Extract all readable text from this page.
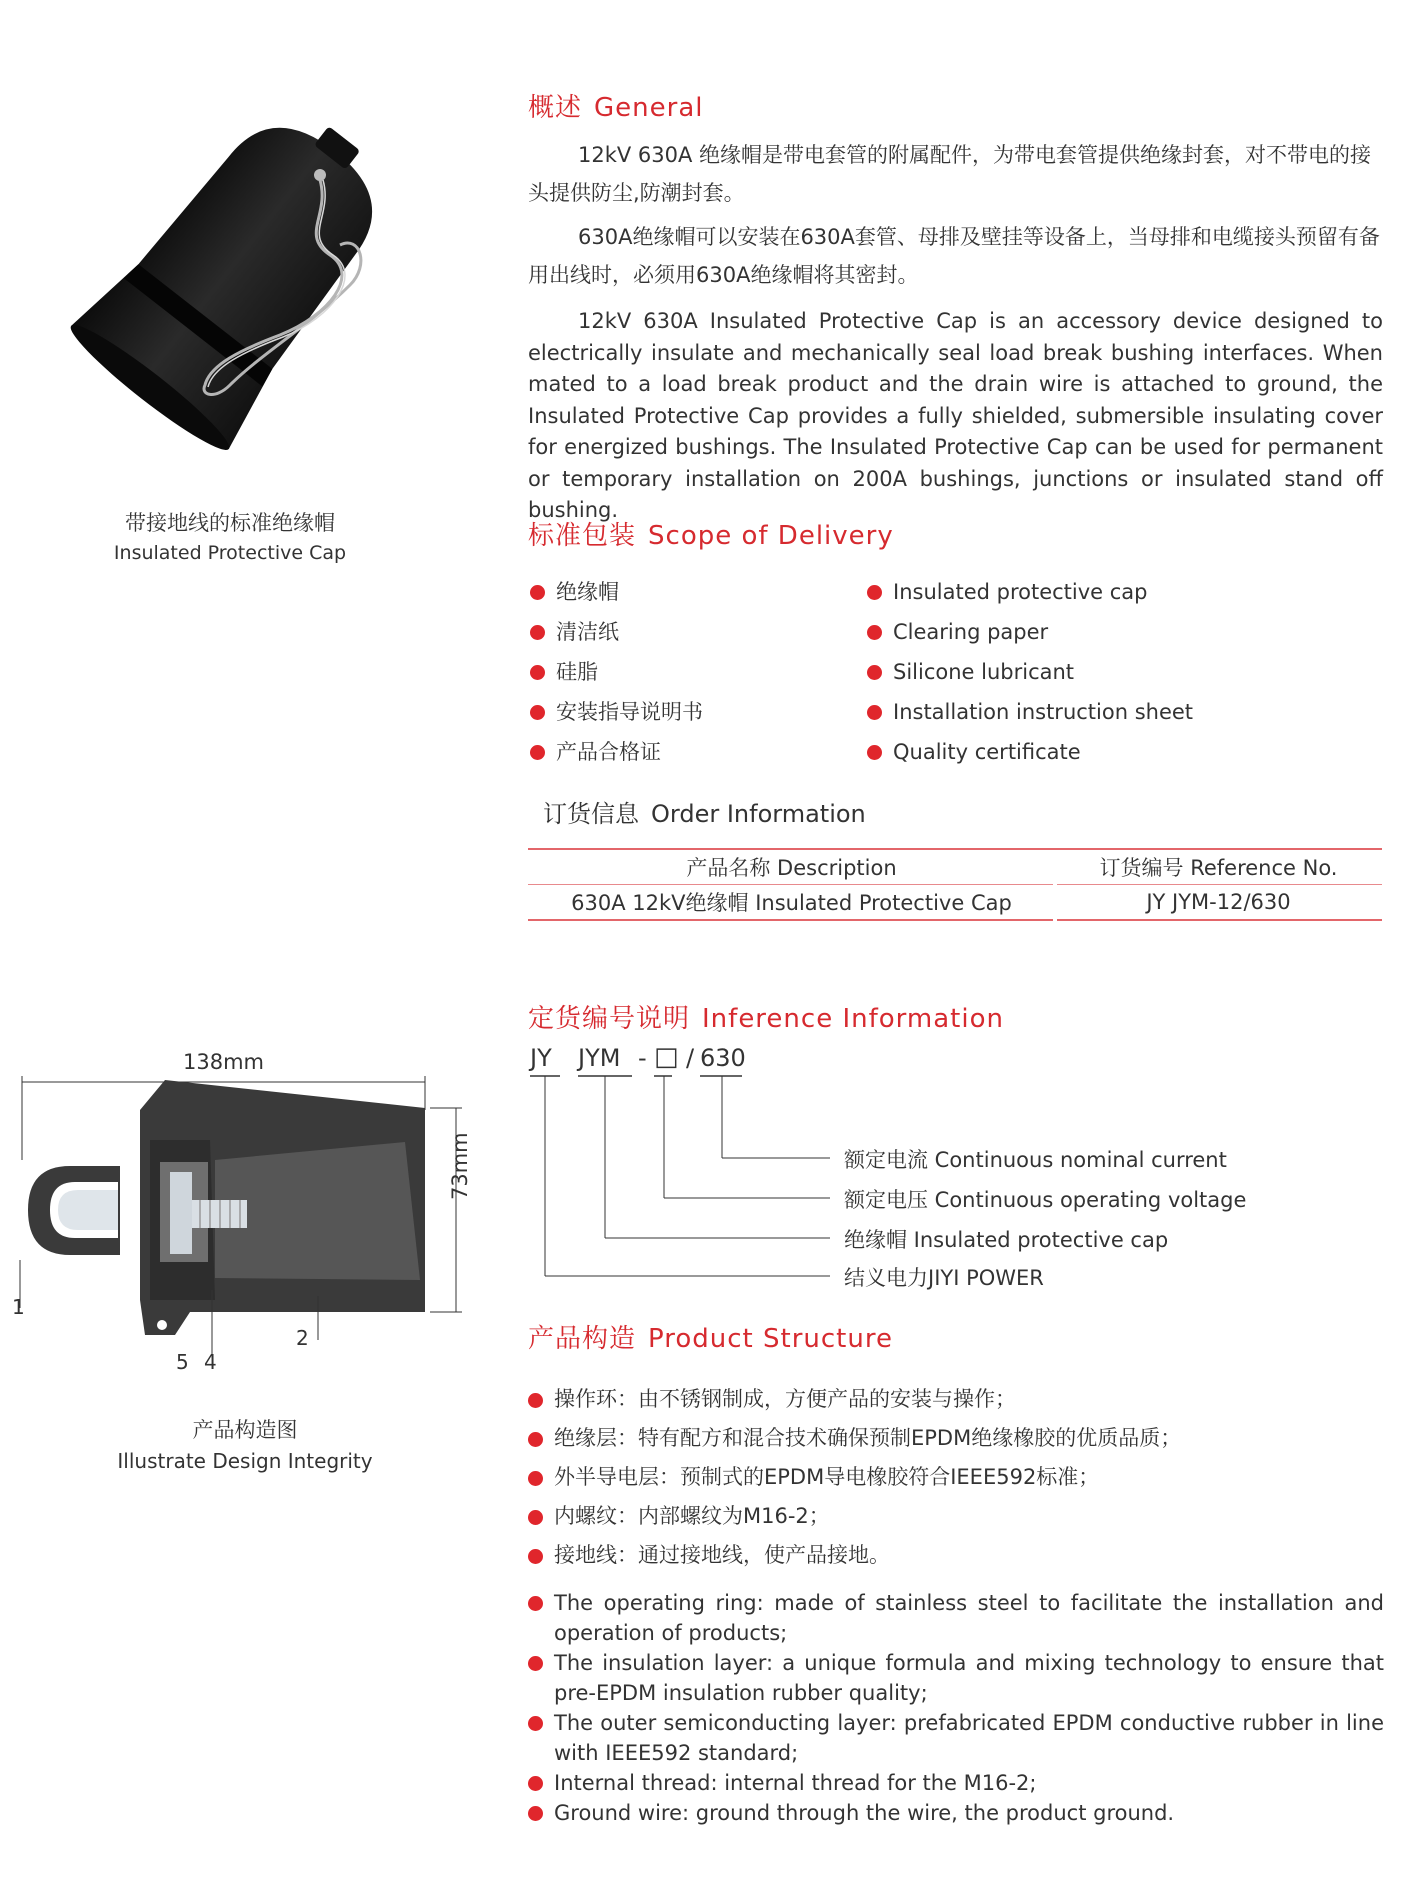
带接地线的标准绝缘帽
Insulated Protective Cap
概述 General
12kV 630A 绝缘帽是带电套管的附属配件，为带电套管提供绝缘封套，对不带电的接头提供防尘,防潮封套。
630A绝缘帽可以安装在630A套管、母排及壁挂等设备上，当母排和电缆接头预留有备用出线时，必须用630A绝缘帽将其密封。
12kV 630A Insulated Protective Cap is an accessory device designed to electrically insulate and mechanically seal load break bushing interfaces. When mated to a load break product and the drain wire is attached to ground, the Insulated Protective Cap provides a fully shielded, submersible insulating cover for energized bushings. The Insulated Protective Cap can be used for permanent or temporary installation on 200A bushings, junctions or insulated stand off bushing.
标准包装 Scope of Delivery
绝缘帽
清洁纸
硅脂
安装指导说明书
产品合格证
Insulated protective cap
Clearing paper
Silicone lubricant
Installation instruction sheet
Quality certificate
订货信息 Order Information
产品名称 Description	订货编号 Reference No.
630A 12kV绝缘帽 Insulated Protective Cap	JY JYM-12/630
138mm
73mm
1
2
5 4
产品构造图
Illustrate Design Integrity
定货编号说明 Inference Information
JY JYM - □ / 630
额定电流 Continuous nominal current
额定电压 Continuous operating voltage
绝缘帽 Insulated protective cap
结义电力JIYI POWER
产品构造 Product Structure
操作环：由不锈钢制成，方便产品的安装与操作；
绝缘层：特有配方和混合技术确保预制EPDM绝缘橡胶的优质品质；
外半导电层：预制式的EPDM导电橡胶符合IEEE592标准；
内螺纹：内部螺纹为M16-2；
接地线：通过接地线，使产品接地。
The operating ring: made of stainless steel to facilitate the installation and operation of products;
The insulation layer: a unique formula and mixing technology to ensure that pre-EPDM insulation rubber quality;
The outer semiconducting layer: prefabricated EPDM conductive rubber in line with IEEE592 standard;
Internal thread: internal thread for the M16-2;
Ground wire: ground through the wire, the product ground.
